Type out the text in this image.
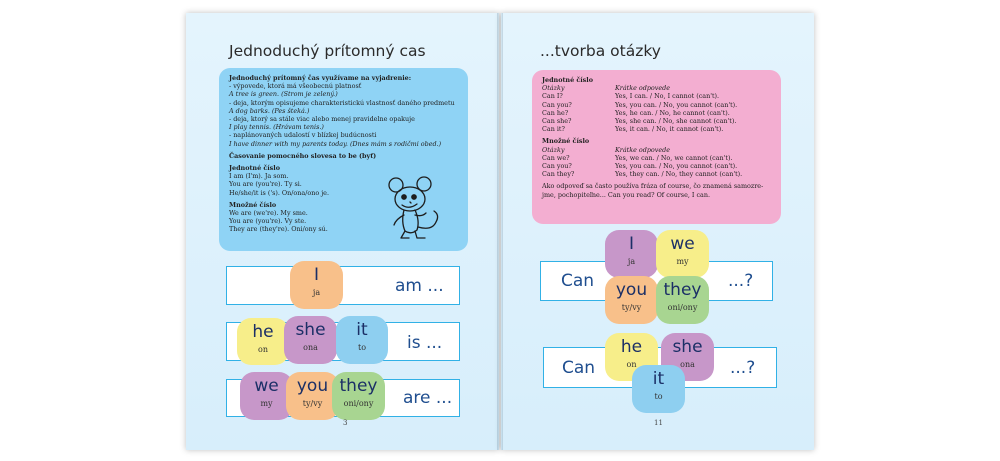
Jednoduchý prítomný cas
Jednoduchý prítomný čas využívame na vyjadrenie:
- výpovede, ktorá má všeobecnú platnosť
A tree is green. (Strom je zelený.)
- deja, ktorým opisujeme charakteristickú vlastnosť daného predmetu
A dog barks. (Pes šteká.)
- deja, ktorý sa stále viac alebo menej pravidelne opakuje
I play tennis. (Hrávam tenis.)
- naplánovaných udalostí v blízkej budúcnosti
I have dinner with my parents today. (Dnes mám s rodičmi obed.)
Časovanie pomocného slovesa to be (byť)
Jednotné číslo
I am (I'm). Ja som.
You are (you're). Ty si.
He/she/it is ('s). On/ona/ono je.
Množné číslo
We are (we're). My sme.
You are (you're). Vy ste.
They are (they're). Oni/ony sú.
am ...
is ...
are ...
I
ja
he
on
she
ona
it
to
we
my
you
ty/vy
they
oni/ony
3
...tvorba otázky
Jednotné číslo
Otázky	Krátke odpovede
Can I?	Yes, I can. / No, I cannot (can't).
Can you?	Yes, you can. / No, you cannot (can't).
Can he?	Yes, he can. / No, he cannot (can't).
Can she?	Yes, she can. / No, she cannot (can't).
Can it?	Yes, it can. / No, it cannot (can't).
Množné číslo
Otázky	Krátke odpovede
Can we?	Yes, we can. / No, we cannot (can't).
Can you?	Yes, you can. / No, you cannot (can't).
Can they?	Yes, they can. / No, they cannot (can't).
Ako odpoveď sa často používa fráza of course, čo znamená samozre-
jme, pochopiteľne... Can you read? Of course, I can.
Can	...?
Can	...?
I
ja
we
my
you
ty/vy
they
oni/ony
he
on
she
ona
it
to
11
